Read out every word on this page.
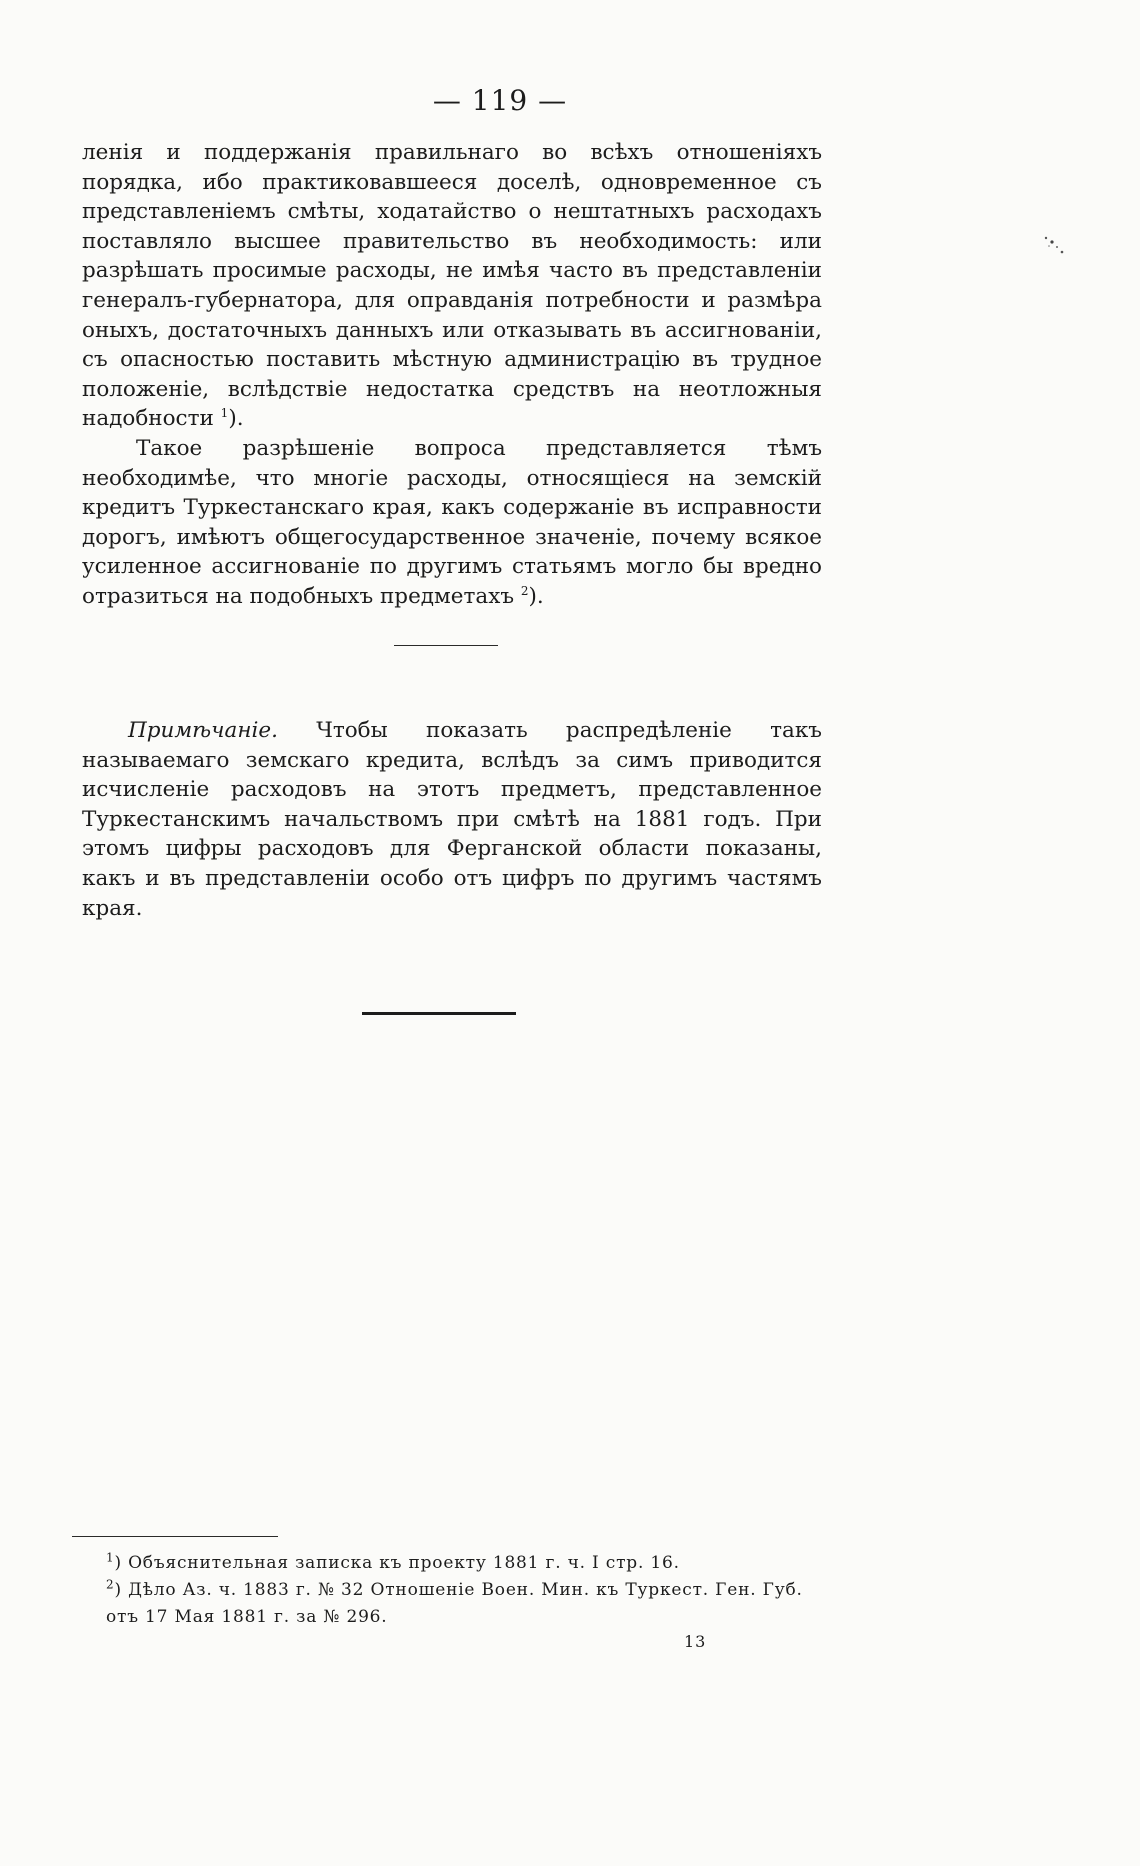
— 119 —

ленія и поддержанія правильнаго во всѣхъ отношеніяхъ порядка, ибо практиковавшееся доселѣ, одновременное съ представленіемъ смѣты, ходатайство о нештатныхъ расходахъ поставляло высшее правительство въ необходимость: или разрѣшать просимые расходы, не имѣя часто въ представленіи генералъ-губернатора, для оправданія потребности и размѣра оныхъ, достаточныхъ данныхъ или отказывать въ ассигнованіи, съ опасностью поставить мѣстную администрацію въ трудное положеніе, вслѣдствіе недостатка средствъ на неотложныя надобности $^1$).

Такое разрѣшеніе вопроса представляется тѣмъ необходимѣе, что многіе расходы, относящіеся на земскій кредитъ Туркестанскаго края, какъ содержаніе въ исправности дорогъ, имѣютъ общегосударственное значеніе, почему всякое усиленное ассигнованіе по другимъ статьямъ могло бы вредно отразиться на подобныхъ предметахъ $^2$).

Примѣчаніе. Чтобы показать распредѣленіе такъ называемаго земскаго кредита, вслѣдъ за симъ приводится исчисленіе расходовъ на этотъ предметъ, представленное Туркестанскимъ начальствомъ при смѣтѣ на 1881 годъ. При этомъ цифры расходовъ для Ферганской области показаны, какъ и въ представленіи особо отъ цифръ по другимъ частямъ края.

$^1$) Объяснительная записка къ проекту 1881 г. ч. I стр. 16.

$^2$) Дѣло Аз. ч. 1883 г. № 32 Отношеніе Воен. Мин. къ Туркест. Ген. Губ. отъ 17 Мая 1881 г. за № 296.

13
